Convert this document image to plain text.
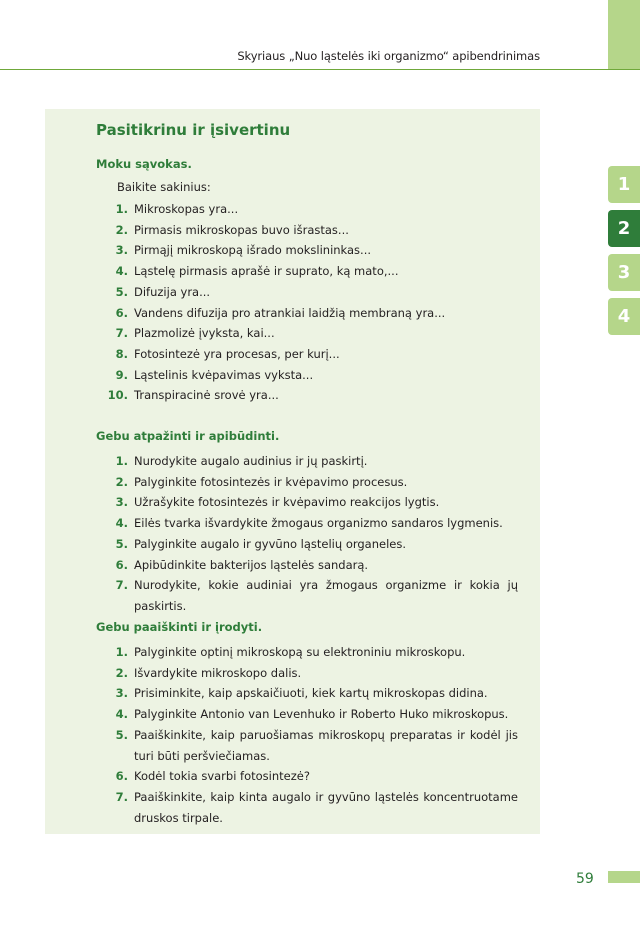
Skyriaus „Nuo ląstelės iki organizmo“ apibendrinimas
1
2
3
4
Pasitikrinu ir įsivertinu
Moku sąvokas.
Baikite sakinius:
1. Mikroskopas yra...
2. Pirmasis mikroskopas buvo išrastas...
3. Pirmąjį mikroskopą išrado mokslininkas...
4. Ląstelę pirmasis aprašė ir suprato, ką mato,...
5. Difuzija yra...
6. Vandens difuzija pro atrankiai laidžią membraną yra...
7. Plazmolizė įvyksta, kai...
8. Fotosintezė yra procesas, per kurį...
9. Ląstelinis kvėpavimas vyksta...
10. Transpiracinė srovė yra...
Gebu atpažinti ir apibūdinti.
1. Nurodykite augalo audinius ir jų paskirtį.
2. Palyginkite fotosintezės ir kvėpavimo procesus.
3. Užrašykite fotosintezės ir kvėpavimo reakcijos lygtis.
4. Eilės tvarka išvardykite žmogaus organizmo sandaros lygmenis.
5. Palyginkite augalo ir gyvūno ląstelių organeles.
6. Apibūdinkite bakterijos ląstelės sandarą.
7. Nurodykite, kokie audiniai yra žmogaus organizme ir kokia jų paskirtis.
Gebu paaiškinti ir įrodyti.
1. Palyginkite optinį mikroskopą su elektroniniu mikroskopu.
2. Išvardykite mikroskopo dalis.
3. Prisiminkite, kaip apskaičiuoti, kiek kartų mikroskopas didina.
4. Palyginkite Antonio van Levenhuko ir Roberto Huko mikroskopus.
5. Paaiškinkite, kaip paruošiamas mikroskopų preparatas ir kodėl jis turi būti peršviečiamas.
6. Kodėl tokia svarbi fotosintezė?
7. Paaiškinkite, kaip kinta augalo ir gyvūno ląstelės koncentruotame druskos tirpale.
59
